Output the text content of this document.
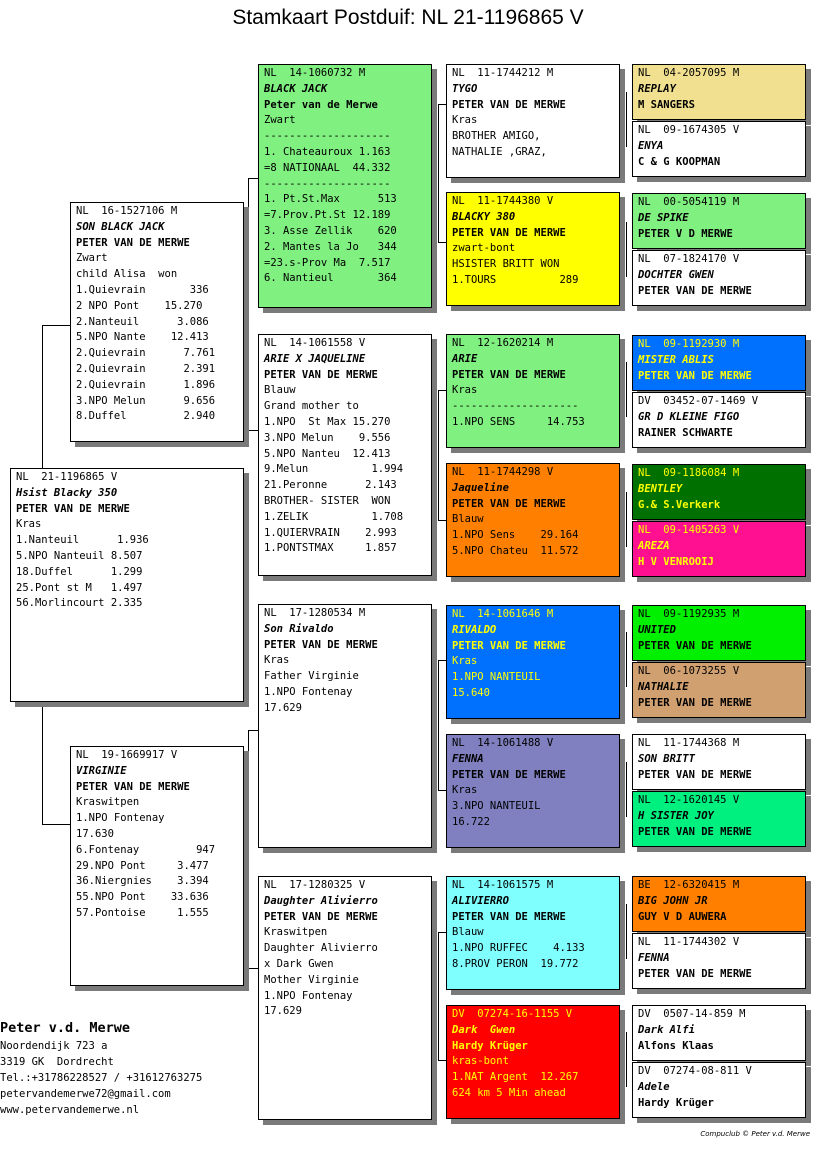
Stamkaart Postduif: NL 21-1196865 V
NL  21-1196865 V
Hsist Blacky 350
PETER VAN DE MERWE
Kras
1.Nanteuil      1.936
5.NPO Nanteuil 8.507
18.Duffel      1.299
25.Pont st M   1.497
56.Morlincourt 2.335
NL  16-1527106 M
SON BLACK JACK
PETER VAN DE MERWE
Zwart
child Alisa  won
1.Quievrain       336
2 NPO Pont    15.270
2.Nanteuil      3.086
5.NPO Nante    12.413
2.Quievrain      7.761
2.Quievrain      2.391
2.Quievrain      1.896
3.NPO Melun      9.656
8.Duffel         2.940
NL  19-1669917 V
VIRGINIE
PETER VAN DE MERWE
Kraswitpen
1.NPO Fontenay
17.630
6.Fontenay         947
29.NPO Pont     3.477
36.Niergnies    3.394
55.NPO Pont    33.636
57.Pontoise     1.555
NL  14-1060732 M
BLACK JACK
Peter van de Merwe
Zwart
--------------------
1. Chateauroux 1.163
=8 NATIONAAL  44.332
--------------------
1. Pt.St.Max      513
=7.Prov.Pt.St 12.189
3. Asse Zellik    620
2. Mantes la Jo   344
=23.s-Prov Ma  7.517
6. Nantieul       364
NL  14-1061558 V
ARIE X JAQUELINE
PETER VAN DE MERWE
Blauw
Grand mother to
1.NPO  St Max 15.270
3.NPO Melun    9.556
5.NPO Nanteu  12.413
9.Melun          1.994
21.Peronne      2.143
BROTHER- SISTER  WON
1.ZELIK          1.708
1.QUIERVRAIN    2.993
1.PONTSTMAX     1.857
NL  17-1280534 M
Son Rivaldo
PETER VAN DE MERWE
Kras
Father Virginie
1.NPO Fontenay
17.629
NL  17-1280325 V
Daughter Alivierro
PETER VAN DE MERWE
Kraswitpen
Daughter Alivierro
x Dark Gwen
Mother Virginie
1.NPO Fontenay
17.629
NL  11-1744212 M
TYGO
PETER VAN DE MERWE
Kras
BROTHER AMIGO,
NATHALIE ,GRAZ,
NL  11-1744380 V
BLACKY 380
PETER VAN DE MERWE
zwart-bont
HSISTER BRITT WON
1.TOURS          289
NL  12-1620214 M
ARIE
PETER VAN DE MERWE
Kras
--------------------
1.NPO SENS     14.753
NL  11-1744298 V
Jaqueline
PETER VAN DE MERWE
Blauw
1.NPO Sens    29.164
5.NPO Chateu  11.572
NL  14-1061646 M
RIVALDO
PETER VAN DE MERWE
Kras
1.NPO NANTEUIL
15.640
NL  14-1061488 V
FENNA
PETER VAN DE MERWE
Kras
3.NPO NANTEUIL
16.722
NL  14-1061575 M
ALIVIERRO
PETER VAN DE MERWE
Blauw
1.NPO RUFFEC    4.133
8.PROV PERON  19.772
DV  07274-16-1155 V
Dark  Gwen
Hardy Krüger
kras-bont
1.NAT Argent  12.267
624 km 5 Min ahead
NL  04-2057095 M
REPLAY
M SANGERS
NL  09-1674305 V
ENYA
C & G KOOPMAN
NL  00-5054119 M
DE SPIKE
PETER V D MERWE
NL  07-1824170 V
DOCHTER GWEN
PETER VAN DE MERWE
NL  09-1192930 M
MISTER ABLIS
PETER VAN DE MERWE
DV  03452-07-1469 V
GR D KLEINE FIGO
RAINER SCHWARTE
NL  09-1186084 M
BENTLEY
G.& S.Verkerk
NL  09-1405263 V
AREZA
H V VENROOIJ
NL  09-1192935 M
UNITED
PETER VAN DE MERWE
NL  06-1073255 V
NATHALIE
PETER VAN DE MERWE
NL  11-1744368 M
SON BRITT
PETER VAN DE MERWE
NL  12-1620145 V
H SISTER JOY
PETER VAN DE MERWE
BE  12-6320415 M
BIG JOHN JR
GUY V D AUWERA
NL  11-1744302 V
FENNA
PETER VAN DE MERWE
DV  0507-14-859 M
Dark Alfi
Alfons Klaas
DV  07274-08-811 V
Adele
Hardy Krüger
Peter v.d. Merwe
Noordendijk 723 a
3319 GK  Dordrecht
Tel.:+31786228527 / +31612763275
petervandemerwe72@gmail.com
www.petervandemerwe.nl
Compuclub © Peter v.d. Merwe
